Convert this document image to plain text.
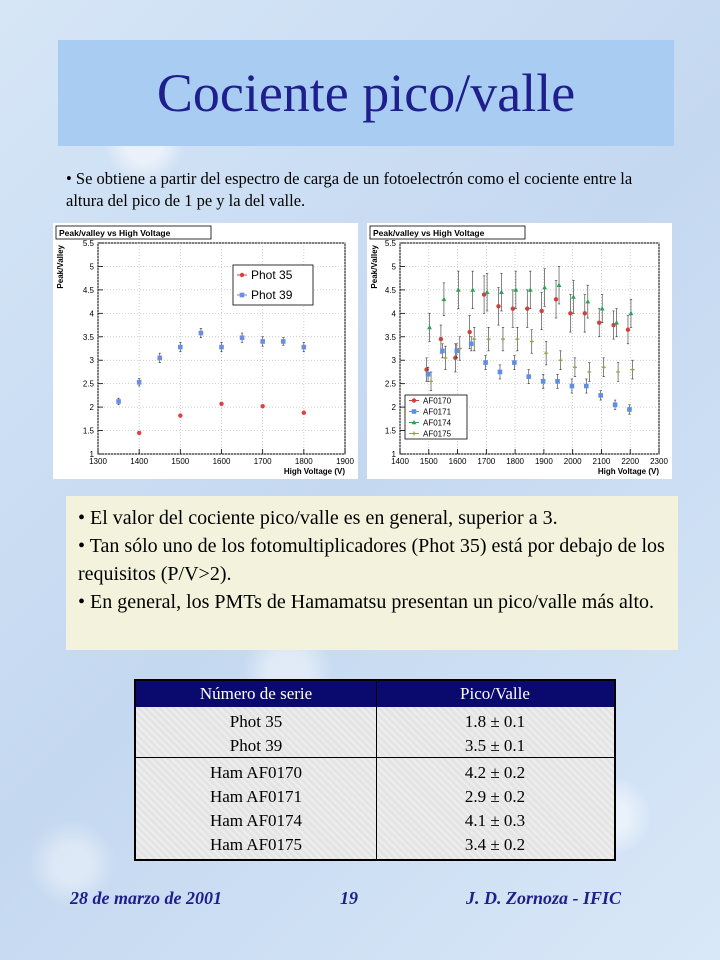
Cociente pico/valle
• Se obtiene a partir del espectro de carga de un fotoelectrón como el cociente entre la altura del pico de 1 pe y la del valle.
1
1.5
2
2.5
3
3.5
4
4.5
5
5.5
1300	1400	1500	1600	1700	1800	1900
Peak/valley vs High Voltage
High Voltage (V)
Peak/Valley	Phot 35
Phot 39
1
1.5
2
2.5
3
3.5
4
4.5
5
5.5
1400 1500 1600 1700 1800 1900 2000 2100 2200 2300
Peak/valley vs High Voltage
High Voltage (V)
Peak/Valley
AF0170
AF0171
AF0174
AF0175
• El valor del cociente pico/valle es en general, superior a 3.
• Tan sólo uno de los fotomultiplicadores (Phot 35) está por debajo de los requisitos (P/V>2).
• En general, los PMTs de Hamamatsu presentan un pico/valle más alto.
Número de serie	Pico/Valle
Phot 35	1.8 ± 0.1
Phot 39	3.5 ± 0.1
Ham AF0170	4.2 ± 0.2
Ham AF0171	2.9 ± 0.2
Ham AF0174	4.1 ± 0.3
Ham AF0175	3.4 ± 0.2
28 de marzo de 2001	19	J. D. Zornoza - IFIC
